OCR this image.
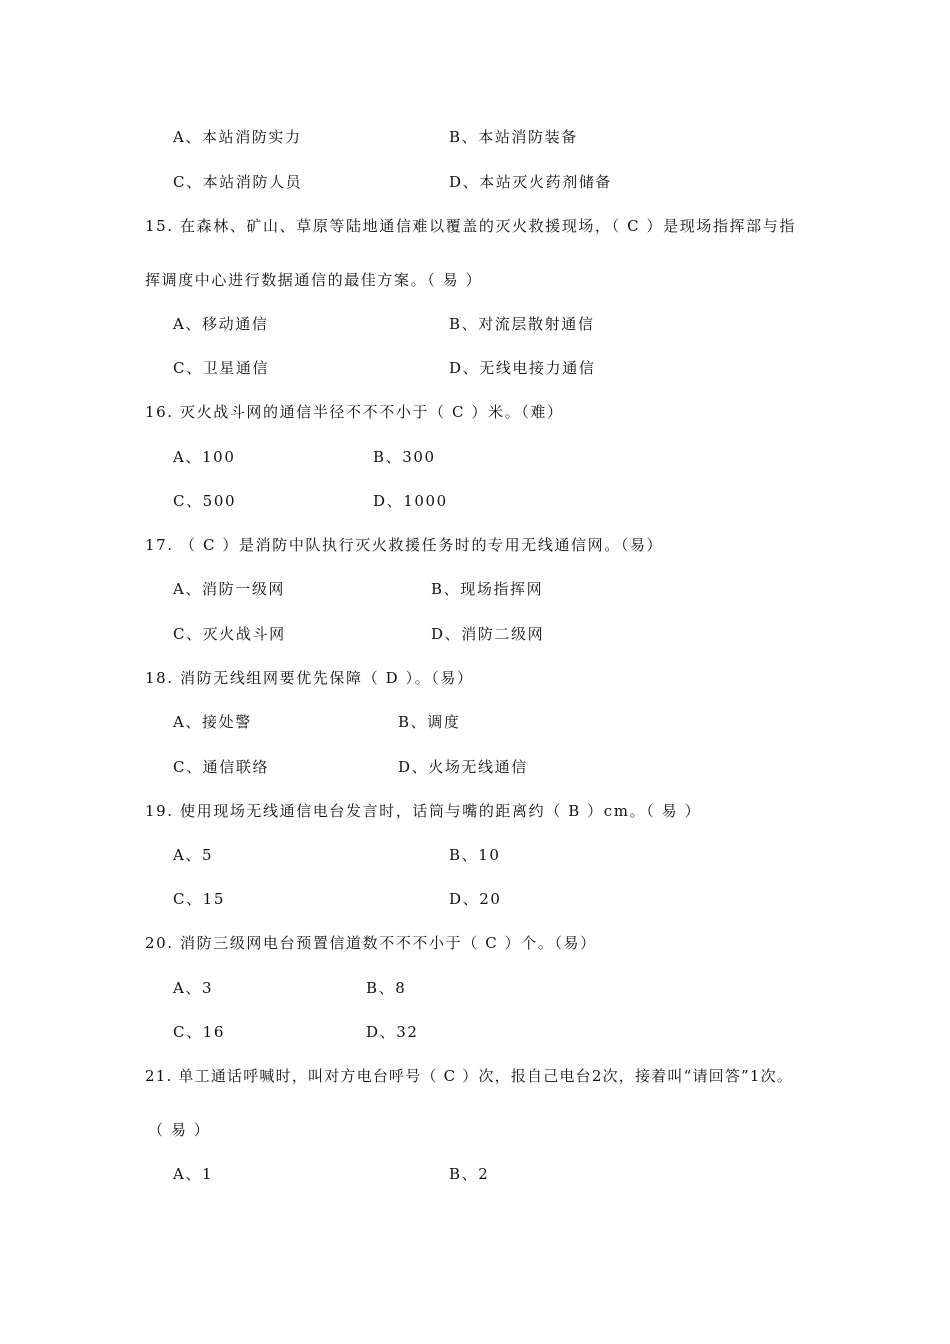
A、本站消防实力	B、本站消防装备
C、本站消防人员	D、本站灭火药剂储备
15. 在森林、矿山、草原等陆地通信难以覆盖的灭火救援现场，（ C ）是现场指挥部与指
挥调度中心进行数据通信的最佳方案。（ 易 ）
A、移动通信	B、对流层散射通信
C、卫星通信	D、无线电接力通信
16. 灭火战斗网的通信半径不不不小于（ C ）米。（难）
A、100	B、300
C、500	D、1000
17. （ C ）是消防中队执行灭火救援任务时的专用无线通信网。（易）
A、消防一级网	B、现场指挥网
C、灭火战斗网	D、消防二级网
18. 消防无线组网要优先保障（ D ）。（易）
A、接处警	B、调度
C、通信联络	D、火场无线通信
19. 使用现场无线通信电台发言时，话筒与嘴的距离约（ B ）cm。（ 易 ）
A、5	B、10
C、15	D、20
20. 消防三级网电台预置信道数不不不小于（ C ）个。（易）
A、3	B、8
C、16	D、32
21. 单工通话呼喊时，叫对方电台呼号（ C ）次，报自己电台2次，接着叫“请回答”1次。
（ 易 ）
A、1	B、2
